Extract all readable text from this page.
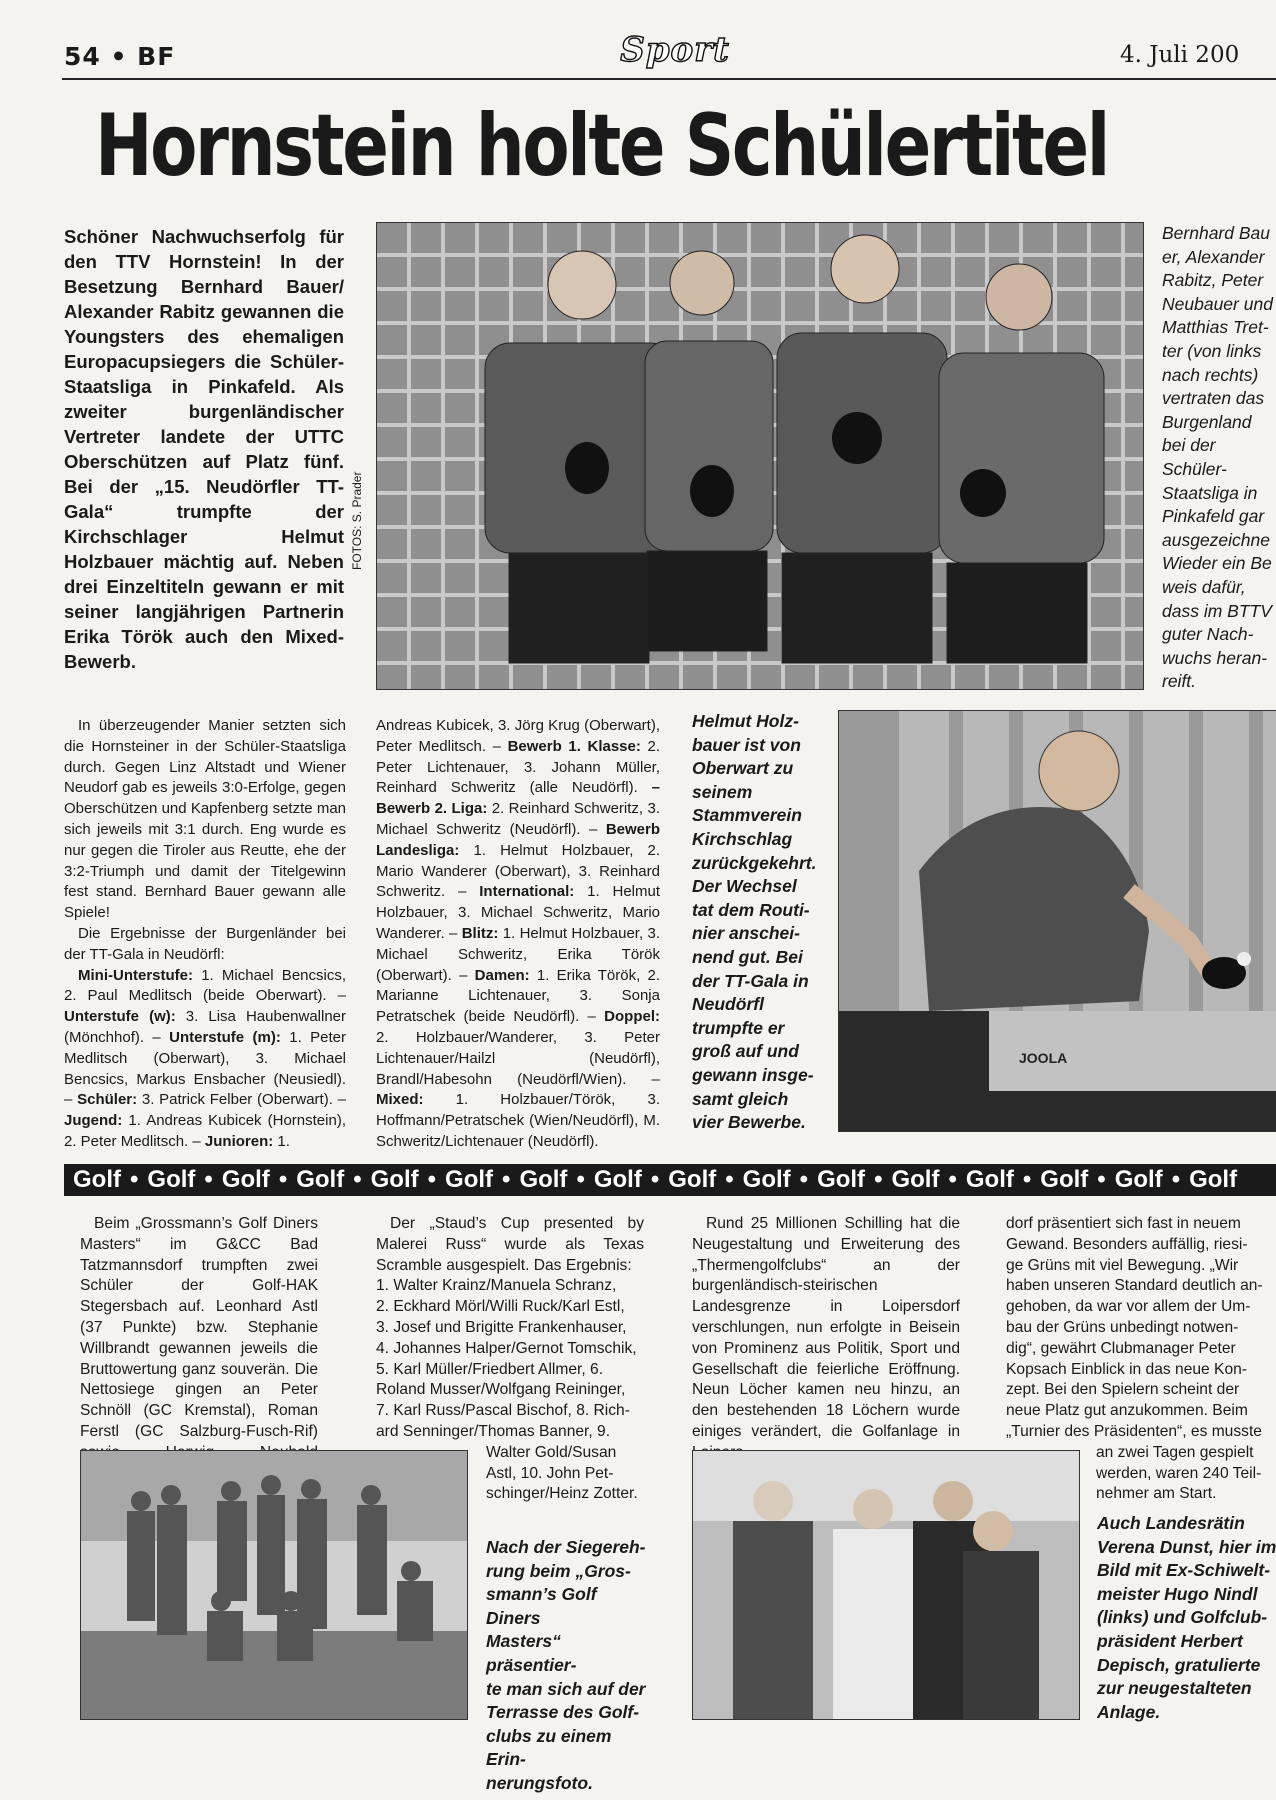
54 • BF	Sport	4. Juli 200
Hornstein holte Schülertitel
Schöner Nachwuchserfolg für den TTV Hornstein! In der Besetzung Bernhard Bauer/ Alexander Rabitz gewannen die Youngsters des ehemaligen Europacupsiegers die Schüler-Staatsliga in Pinkafeld. Als zweiter burgenländischer Vertreter landete der UTTC Oberschützen auf Platz fünf. Bei der „15. Neudörfler TT-Gala“ trumpfte der Kirchschlager Helmut Holzbauer mächtig auf. Neben drei Einzeltiteln gewann er mit seiner langjährigen Partnerin Erika Török auch den Mixed-Bewerb.
FOTOS: S. Prader
Bernhard Bau
er, Alexander
Rabitz, Peter
Neubauer und
Matthias Tret-
ter (von links
nach rechts)
vertraten das
Burgenland
bei der
Schüler-
Staatsliga in
Pinkafeld gar
ausgezeichne
Wieder ein Be
weis dafür,
dass im BTTV
guter Nach-
wuchs heran-
reift.

In überzeugender Manier setzten sich die Hornsteiner in der Schüler-Staatsliga durch. Gegen Linz Altstadt und Wiener Neudorf gab es jeweils 3:0-Erfolge, gegen Oberschützen und Kapfenberg setzte man sich jeweils mit 3:1 durch. Eng wurde es nur gegen die Tiroler aus Reutte, ehe der 3:2-Triumph und damit der Titelgewinn fest stand. Bernhard Bauer gewann alle Spiele!

Die Ergebnisse der Burgenländer bei der TT-Gala in Neudörfl:

Mini-Unterstufe: 1. Michael Bencsics, 2. Paul Medlitsch (beide Oberwart). – Unterstufe (w): 3. Lisa Haubenwallner (Mönchhof). – Unterstufe (m): 1. Peter Medlitsch (Oberwart), 3. Michael Bencsics, Markus Ensbacher (Neusiedl). – Schüler: 3. Patrick Felber (Oberwart). – Jugend: 1. Andreas Kubicek (Hornstein), 2. Peter Medlitsch. – Junioren: 1.

Andreas Kubicek, 3. Jörg Krug (Oberwart), Peter Medlitsch. – Bewerb 1. Klasse: 2. Peter Lichtenauer, 3. Johann Müller, Reinhard Schweritz (alle Neudörfl). – Bewerb 2. Liga: 2. Reinhard Schweritz, 3. Michael Schweritz (Neudörfl). – Bewerb Landesliga: 1. Helmut Holzbauer, 2. Mario Wanderer (Oberwart), 3. Reinhard Schweritz. – International: 1. Helmut Holzbauer, 3. Michael Schweritz, Mario Wanderer. – Blitz: 1. Helmut Holzbauer, 3. Michael Schweritz, Erika Török (Oberwart). – Damen: 1. Erika Török, 2. Marianne Lichtenauer, 3. Sonja Petratschek (beide Neudörfl). – Doppel: 2. Holzbauer/Wanderer, 3. Peter Lichtenauer/Hailzl (Neudörfl), Brandl/Habesohn (Neudörfl/Wien). – Mixed: 1. Holzbauer/Török, 3. Hoffmann/Petratschek (Wien/Neudörfl), M. Schweritz/Lichtenauer (Neudörfl).

Helmut Holz-
bauer ist von
Oberwart zu
seinem
Stammverein
Kirchschlag
zurückgekehrt.
Der Wechsel
tat dem Routi-
nier anschei-
nend gut. Bei
der TT-Gala in
Neudörfl
trumpfte er
groß auf und
gewann insge-
samt gleich
vier Bewerbe.
JOOLA
Golf • Golf • Golf • Golf • Golf • Golf • Golf • Golf • Golf • Golf • Golf • Golf • Golf • Golf • Golf • Golf
Beim „Grossmann’s Golf Diners Masters“ im G&CC Bad Tatzmannsdorf trumpften zwei Schüler der Golf-HAK Stegersbach auf. Leonhard Astl (37 Punkte) bzw. Stephanie Willbrandt gewannen jeweils die Bruttowertung ganz souverän. Die Nettosiege gingen an Peter Schnöll (GC Kremstal), Roman Ferstl (GC Salzburg-Fusch-Rif)
Der „Staud’s Cup presented by Malerei Russ“ wurde als Texas Scramble ausgespielt. Das Ergebnis:
1. Walter Krainz/Manuela Schranz,
2. Eckhard Mörl/Willi Ruck/Karl Estl,
3. Josef und Brigitte Frankenhauser,
4. Johannes Halper/Gernot Tomschik,
5. Karl Müller/Friedbert Allmer, 6.
Roland Musser/Wolfgang Reininger,
7. Karl Russ/Pascal Bischof, 8. Rich-
ard Senninger/Thomas Banner, 9.
Walter Gold/Susan
Astl, 10. John Pet-
schinger/Heinz Zotter.
Nach der Siegereh-
rung beim „Gros-
smann’s Golf Diners
Masters“ präsentier-
te man sich auf der
Terrasse des Golf-
clubs zu einem Erin-
nerungsfoto.
Rund 25 Millionen Schilling hat die Neugestaltung und Erweiterung des „Thermengolfclubs“ an der burgenländisch-steirischen Landesgrenze in Loipersdorf verschlungen, nun erfolgte in Beisein von Prominenz aus Politik, Sport und Gesellschaft die feierliche Eröffnung. Neun Löcher kamen neu hinzu, an den bestehenden 18 Löchern wurde einiges verändert, die Golfanlage in
dorf präsentiert sich fast in neuem
Gewand. Besonders auffällig, riesi-
ge Grüns mit viel Bewegung. „Wir
haben unseren Standard deutlich an-
gehoben, da war vor allem der Um-
bau der Grüns unbedingt notwen-
dig“, gewährt Clubmanager Peter
Kopsach Einblick in das neue Kon-
zept. Bei den Spielern scheint der
neue Platz gut anzukommen. Beim
„Turnier des Präsidenten“, es musste
an zwei Tagen gespielt
werden, waren 240 Teil-
nehmer am Start.
Auch Landesrätin
Verena Dunst, hier im
Bild mit Ex-Schiwelt-
meister Hugo Nindl
(links) und Golfclub-
präsident Herbert
Depisch, gratulierte
zur neugestalteten
Anlage.
